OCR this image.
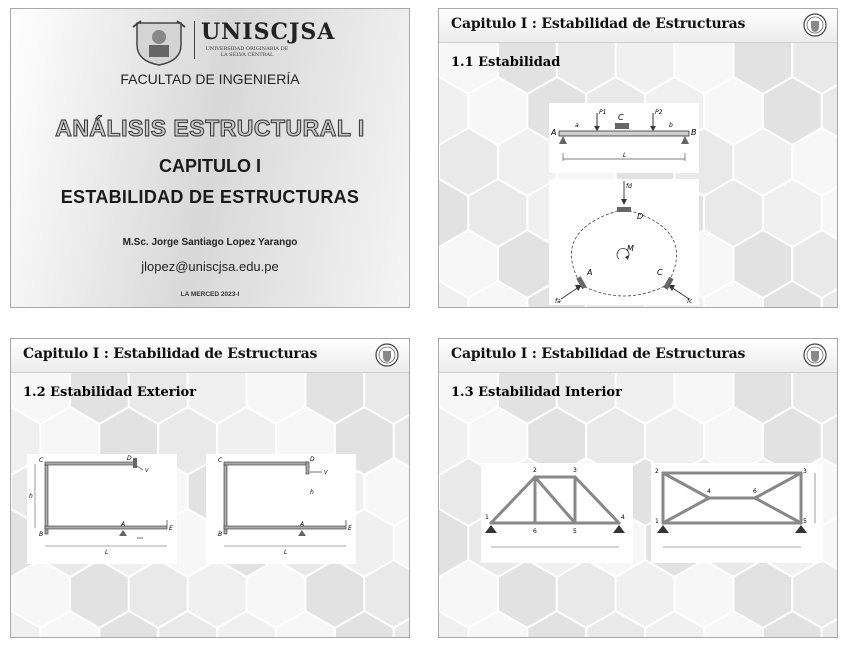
UNISCJSA
UNIVERSIDAD ORIGINARIA DE
LA SELVA CENTRAL
FACULTAD DE INGENIERÍA
ANÁLISIS ESTRUCTURAL I
CAPITULO I
ESTABILIDAD DE ESTRUCTURAS
M.Sc. Jorge Santiago Lopez Yarango
jlopez@uniscjsa.edu.pe
LA MERCED 2023-I
Capitulo I : Estabilidad de Estructuras
1.1 Estabilidad
A	B
C
P1	P2
a	b
L
fd
D
M
A	C
fa	fc
Capitulo I : Estabilidad de Estructuras
1.2 Estabilidad Exterior
C	D
A
B
E
h
V
L
C	D
A
B
E
h
V
L
Capitulo I : Estabilidad de Estructuras
1.3 Estabilidad Interior
1
2	3
4
5
6
2	3
1	5
4	6
